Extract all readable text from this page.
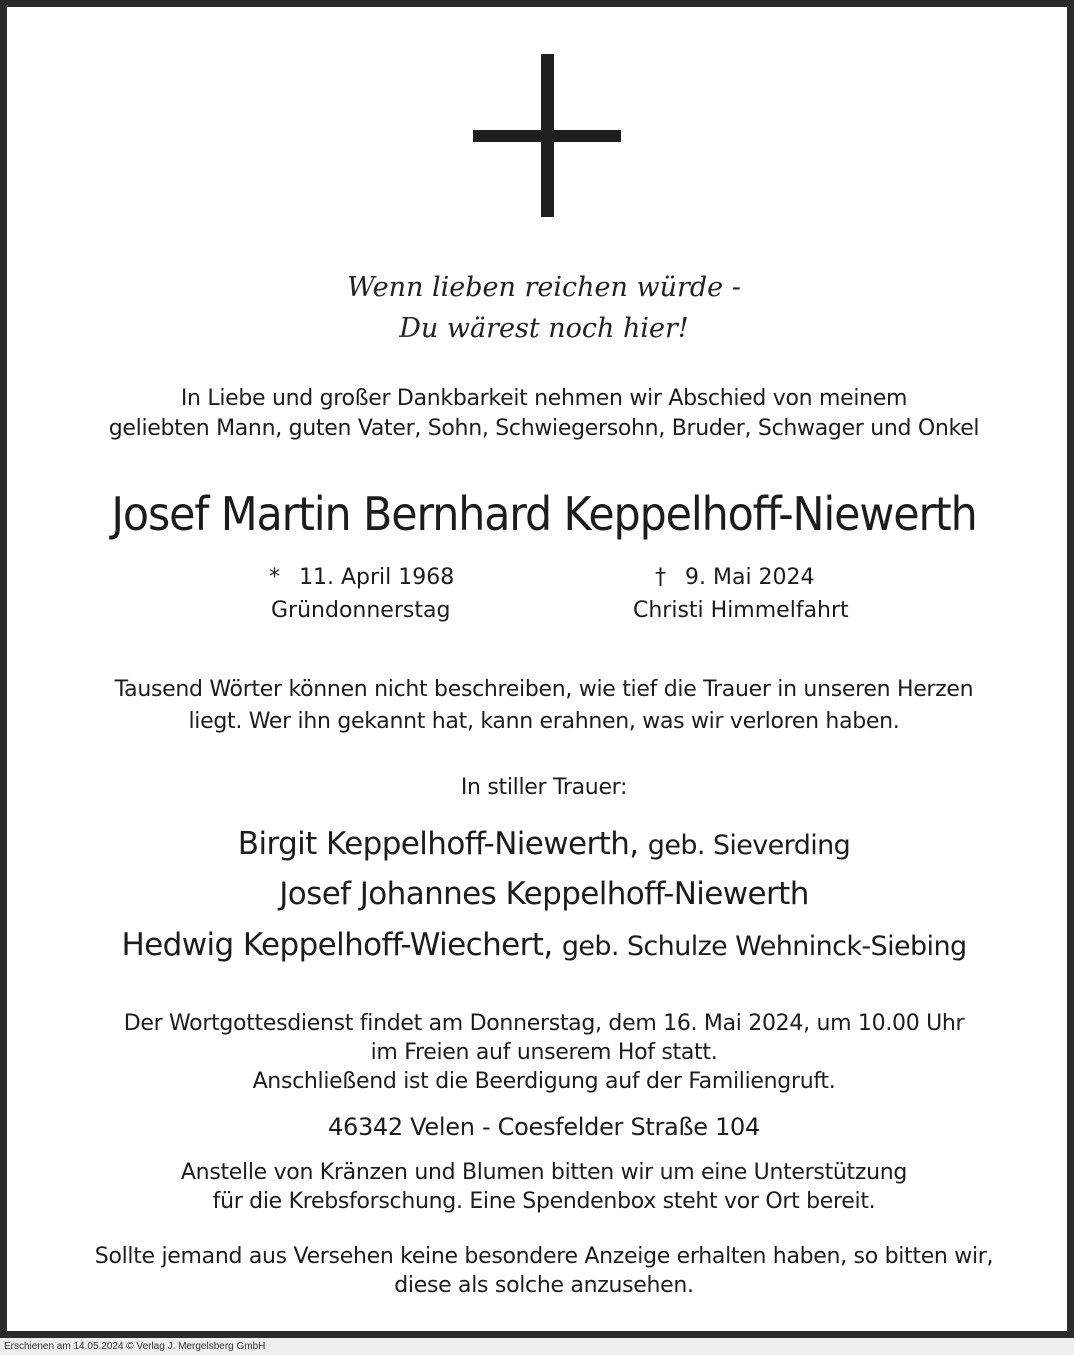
Wenn lieben reichen würde -
Du wärest noch hier!
In Liebe und großer Dankbarkeit nehmen wir Abschied von meinem
geliebten Mann, guten Vater, Sohn, Schwiegersohn, Bruder, Schwager und Onkel
Josef Martin Bernhard Keppelhoff-Niewerth
* 11. April 1968
Gründonnerstag
† 9. Mai 2024
Christi Himmelfahrt
Tausend Wörter können nicht beschreiben, wie tief die Trauer in unseren Herzen
liegt. Wer ihn gekannt hat, kann erahnen, was wir verloren haben.
In stiller Trauer:
Birgit Keppelhoff-Niewerth, geb. Sieverding
Josef Johannes Keppelhoff-Niewerth
Hedwig Keppelhoff-Wiechert, geb. Schulze Wehninck-Siebing
Der Wortgottesdienst findet am Donnerstag, dem 16. Mai 2024, um 10.00 Uhr
im Freien auf unserem Hof statt.
Anschließend ist die Beerdigung auf der Familiengruft.
46342 Velen - Coesfelder Straße 104
Anstelle von Kränzen und Blumen bitten wir um eine Unterstützung
für die Krebsforschung. Eine Spendenbox steht vor Ort bereit.
Sollte jemand aus Versehen keine besondere Anzeige erhalten haben, so bitten wir,
diese als solche anzusehen.
Erschienen am 14.05.2024 © Verlag J. Mergelsberg GmbH
